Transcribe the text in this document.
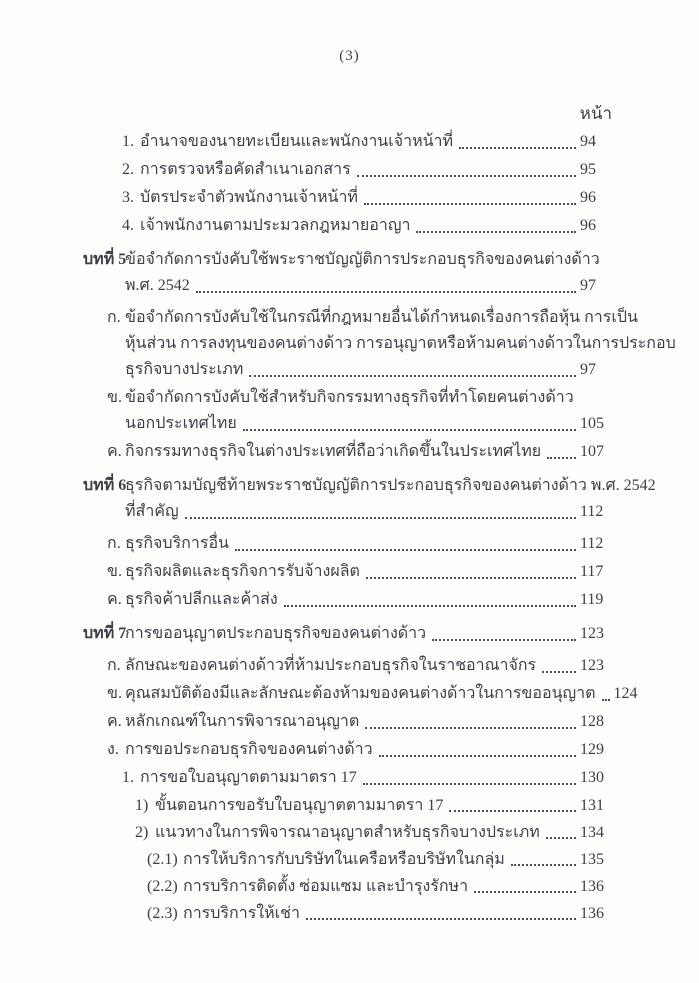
(3)
หน้า
1. อำนาจของนายทะเบียนและพนักงานเจ้าหน้าที่	94
2. การตรวจหรือคัดสำเนาเอกสาร	95
3. บัตรประจำตัวพนักงานเจ้าหน้าที่	96
4. เจ้าพนักงานตามประมวลกฎหมายอาญา	96
บทที่ 5
ข้อจำกัดการบังคับใช้พระราชบัญญัติการประกอบธุรกิจของคนต่างด้าว
พ.ศ. 2542	97
ก. ข้อจำกัดการบังคับใช้ในกรณีที่กฎหมายอื่นได้กำหนดเรื่องการถือหุ้น การเป็น
หุ้นส่วน การลงทุนของคนต่างด้าว การอนุญาตหรือห้ามคนต่างด้าวในการประกอบ
ธุรกิจบางประเภท	97
ข. ข้อจำกัดการบังคับใช้สำหรับกิจกรรมทางธุรกิจที่ทำโดยคนต่างด้าว
นอกประเทศไทย	105
ค. กิจกรรมทางธุรกิจในต่างประเทศที่ถือว่าเกิดขึ้นในประเทศไทย 107
บทที่ 6
ธุรกิจตามบัญชีท้ายพระราชบัญญัติการประกอบธุรกิจของคนต่างด้าว พ.ศ. 2542
ที่สำคัญ	112
ก. ธุรกิจบริการอื่น	112
ข. ธุรกิจผลิตและธุรกิจการรับจ้างผลิต	117
ค. ธุรกิจค้าปลีกและค้าส่ง	119
บทที่ 7
การขออนุญาตประกอบธุรกิจของคนต่างด้าว	123
ก. ลักษณะของคนต่างด้าวที่ห้ามประกอบธุรกิจในราชอาณาจักร	123
ข. คุณสมบัติต้องมีและลักษณะต้องห้ามของคนต่างด้าวในการขออนุญาต 124
ค. หลักเกณฑ์ในการพิจารณาอนุญาต	128
ง. การขอประกอบธุรกิจของคนต่างด้าว	129
1. การขอใบอนุญาตตามมาตรา 17	130
1) ขั้นตอนการขอรับใบอนุญาตตามมาตรา 17	131
2) แนวทางในการพิจารณาอนุญาตสำหรับธุรกิจบางประเภท	134
(2.1) การให้บริการกับบริษัทในเครือหรือบริษัทในกลุ่ม	135
(2.2) การบริการติดตั้ง ซ่อมแซม และบำรุงรักษา	136
(2.3) การบริการให้เช่า	136
